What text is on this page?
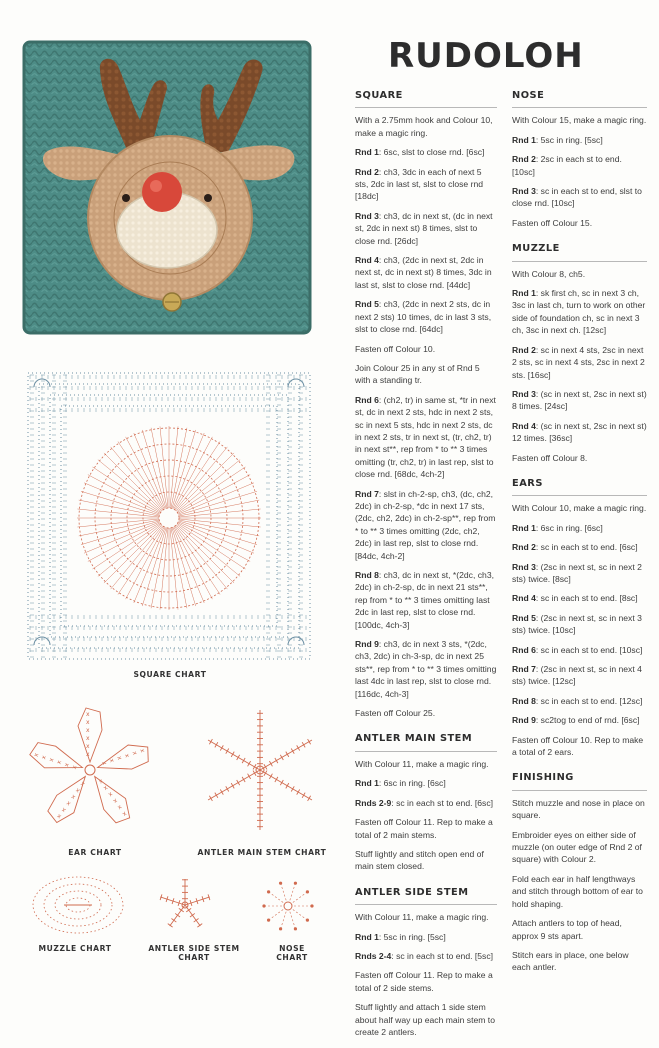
RUDOLOH
SQUARE CHART
x
x
x
x
x
x
x x x x x x
x
x
x
x
x
x
x
x
x
x
x
x
x
x
x
x
x
x
EAR CHART	ANTLER MAIN STEM CHART
MUZZLE CHART	ANTLER SIDE STEM CHART
NOSE CHART
SQUARE

With a 2.75mm hook and Colour 10, make a magic ring.

Rnd 1: 6sc, slst to close rnd. [6sc]

Rnd 2: ch3, 3dc in each of next 5 sts, 2dc in last st, slst to close rnd [18dc]

Rnd 3: ch3, dc in next st, (dc in next st, 2dc in next st) 8 times, slst to close rnd. [26dc]

Rnd 4: ch3, (2dc in next st, 2dc in next st, dc in next st) 8 times, 3dc in last st, slst to close rnd. [44dc]

Rnd 5: ch3, (2dc in next 2 sts, dc in next 2 sts) 10 times, dc in last 3 sts, slst to close rnd. [64dc]

Fasten off Colour 10.

Join Colour 25 in any st of Rnd 5 with a standing tr.

Rnd 6: (ch2, tr) in same st, *tr in next st, dc in next 2 sts, hdc in next 2 sts, sc in next 5 sts, hdc in next 2 sts, dc in next 2 sts, tr in next st, (tr, ch2, tr) in next st**, rep from * to ** 3 times omitting (tr, ch2, tr) in last rep, slst to close rnd. [68dc, 4ch-2]

Rnd 7: slst in ch-2-sp, ch3, (dc, ch2, 2dc) in ch-2-sp, *dc in next 17 sts, (2dc, ch2, 2dc) in ch-2-sp**, rep from * to ** 3 times omitting (2dc, ch2, 2dc) in last rep, slst to close rnd. [84dc, 4ch-2]

Rnd 8: ch3, dc in next st, *(2dc, ch3, 2dc) in ch-2-sp, dc in next 21 sts**, rep from * to ** 3 times omitting last 2dc in last rep, slst to close rnd. [100dc, 4ch-3]

Rnd 9: ch3, dc in next 3 sts, *(2dc, ch3, 2dc) in ch-3-sp, dc in next 25 sts**, rep from * to ** 3 times omitting last 4dc in last rep, slst to close rnd. [116dc, 4ch-3]

Fasten off Colour 25.

ANTLER MAIN STEM

With Colour 11, make a magic ring.

Rnd 1: 6sc in ring. [6sc]

Rnds 2-9: sc in each st to end. [6sc]

Fasten off Colour 11. Rep to make a total of 2 main stems.

Stuff lightly and stitch open end of main stem closed.

ANTLER SIDE STEM

With Colour 11, make a magic ring.

Rnd 1: 5sc in ring. [5sc]

Rnds 2-4: sc in each st to end. [5sc]

Fasten off Colour 11. Rep to make a total of 2 side stems.

Stuff lightly and attach 1 side stem about half way up each main stem to create 2 antlers.

NOSE

With Colour 15, make a magic ring.

Rnd 1: 5sc in ring. [5sc]

Rnd 2: 2sc in each st to end. [10sc]

Rnd 3: sc in each st to end, slst to close rnd. [10sc]

Fasten off Colour 15.

MUZZLE

With Colour 8, ch5.

Rnd 1: sk first ch, sc in next 3 ch, 3sc in last ch, turn to work on other side of foundation ch, sc in next 3 ch, 3sc in next ch. [12sc]

Rnd 2: sc in next 4 sts, 2sc in next 2 sts, sc in next 4 sts, 2sc in next 2 sts. [16sc]

Rnd 3: (sc in next st, 2sc in next st) 8 times. [24sc]

Rnd 4: (sc in next st, 2sc in next st) 12 times. [36sc]

Fasten off Colour 8.

EARS

With Colour 10, make a magic ring.

Rnd 1: 6sc in ring. [6sc]

Rnd 2: sc in each st to end. [6sc]

Rnd 3: (2sc in next st, sc in next 2 sts) twice. [8sc]

Rnd 4: sc in each st to end. [8sc]

Rnd 5: (2sc in next st, sc in next 3 sts) twice. [10sc]

Rnd 6: sc in each st to end. [10sc]

Rnd 7: (2sc in next st, sc in next 4 sts) twice. [12sc]

Rnd 8: sc in each st to end. [12sc]

Rnd 9: sc2tog to end of rnd. [6sc]

Fasten off Colour 10. Rep to make a total of 2 ears.

FINISHING

Stitch muzzle and nose in place on square.

Embroider eyes on either side of muzzle (on outer edge of Rnd 2 of square) with Colour 2.

Fold each ear in half lengthways and stitch through bottom of ear to hold shaping.

Attach antlers to top of head, approx 9 sts apart.

Stitch ears in place, one below each antler.
